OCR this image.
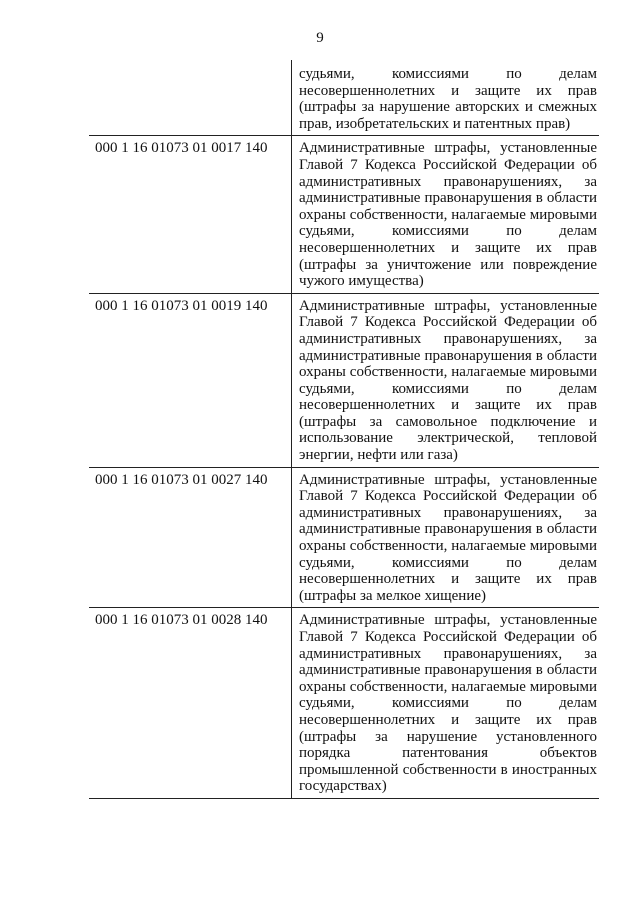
9
	судьями, комиссиями по делам несовершеннолетних и защите их прав (штрафы за нарушение авторских и смежных прав, изобретательских и патентных прав)
000 1 16 01073 01 0017 140	Административные штрафы, установленные Главой 7 Кодекса Российской Федерации об административных правонарушениях, за административные правонарушения в области охраны собственности, налагаемые мировыми судьями, комиссиями по делам несовершеннолетних и защите их прав (штрафы за уничтожение или повреждение чужого имущества)
000 1 16 01073 01 0019 140	Административные штрафы, установленные Главой 7 Кодекса Российской Федерации об административных правонарушениях, за административные правонарушения в области охраны собственности, налагаемые мировыми судьями, комиссиями по делам несовершеннолетних и защите их прав (штрафы за самовольное подключение и использование электрической, тепловой энергии, нефти или газа)
000 1 16 01073 01 0027 140	Административные штрафы, установленные Главой 7 Кодекса Российской Федерации об административных правонарушениях, за административные правонарушения в области охраны собственности, налагаемые мировыми судьями, комиссиями по делам несовершеннолетних и защите их прав (штрафы за мелкое хищение)
000 1 16 01073 01 0028 140	Административные штрафы, установленные Главой 7 Кодекса Российской Федерации об административных правонарушениях, за административные правонарушения в области охраны собственности, налагаемые мировыми судьями, комиссиями по делам несовершеннолетних и защите их прав (штрафы за нарушение установленного порядка патентования объектов промышленной собственности в иностранных государствах)
